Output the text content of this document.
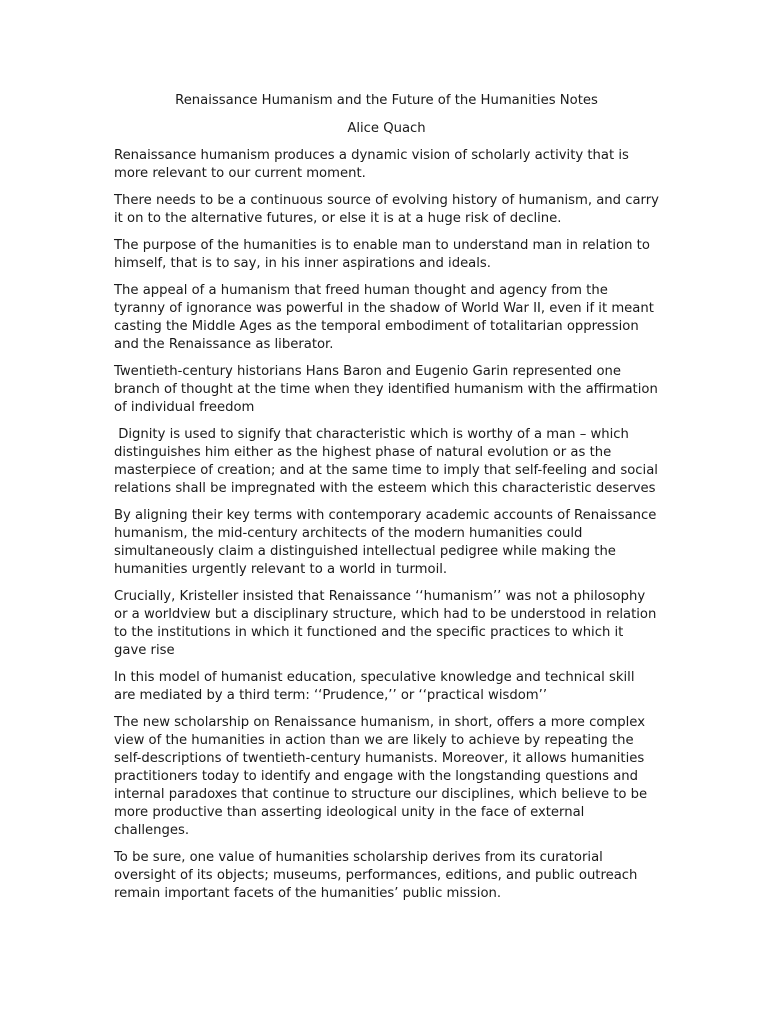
Renaissance Humanism and the Future of the Humanities Notes
Alice Quach
Renaissance humanism produces a dynamic vision of scholarly activity that is more relevant to our current moment.
There needs to be a continuous source of evolving history of humanism, and carry it on to the alternative futures, or else it is at a huge risk of decline.
The purpose of the humanities is to enable man to understand man in relation to himself, that is to say, in his inner aspirations and ideals.
The appeal of a humanism that freed human thought and agency from the tyranny of ignorance was powerful in the shadow of World War II, even if it meant casting the Middle Ages as the temporal embodiment of totalitarian oppression and the Renaissance as liberator.
Twentieth-century historians Hans Baron and Eugenio Garin represented one branch of thought at the time when they identified humanism with the affirmation of individual freedom
Dignity is used to signify that characteristic which is worthy of a man – which distinguishes him either as the highest phase of natural evolution or as the masterpiece of creation; and at the same time to imply that self-feeling and social relations shall be impregnated with the esteem which this characteristic deserves
By aligning their key terms with contemporary academic accounts of Renaissance humanism, the mid-century architects of the modern humanities could simultaneously claim a distinguished intellectual pedigree while making the humanities urgently relevant to a world in turmoil.
Crucially, Kristeller insisted that Renaissance ‘‘humanism’’ was not a philosophy or a worldview but a disciplinary structure, which had to be understood in relation to the institutions in which it functioned and the specific practices to which it gave rise
In this model of humanist education, speculative knowledge and technical skill are mediated by a third term: ‘‘Prudence,’’ or ‘‘practical wisdom’’
The new scholarship on Renaissance humanism, in short, offers a more complex view of the humanities in action than we are likely to achieve by repeating the self-descriptions of twentieth-century humanists. Moreover, it allows humanities practitioners today to identify and engage with the longstanding questions and internal paradoxes that continue to structure our disciplines, which believe to be more productive than asserting ideological unity in the face of external challenges.
To be sure, one value of humanities scholarship derives from its curatorial oversight of its objects; museums, performances, editions, and public outreach remain important facets of the humanities’ public mission.
